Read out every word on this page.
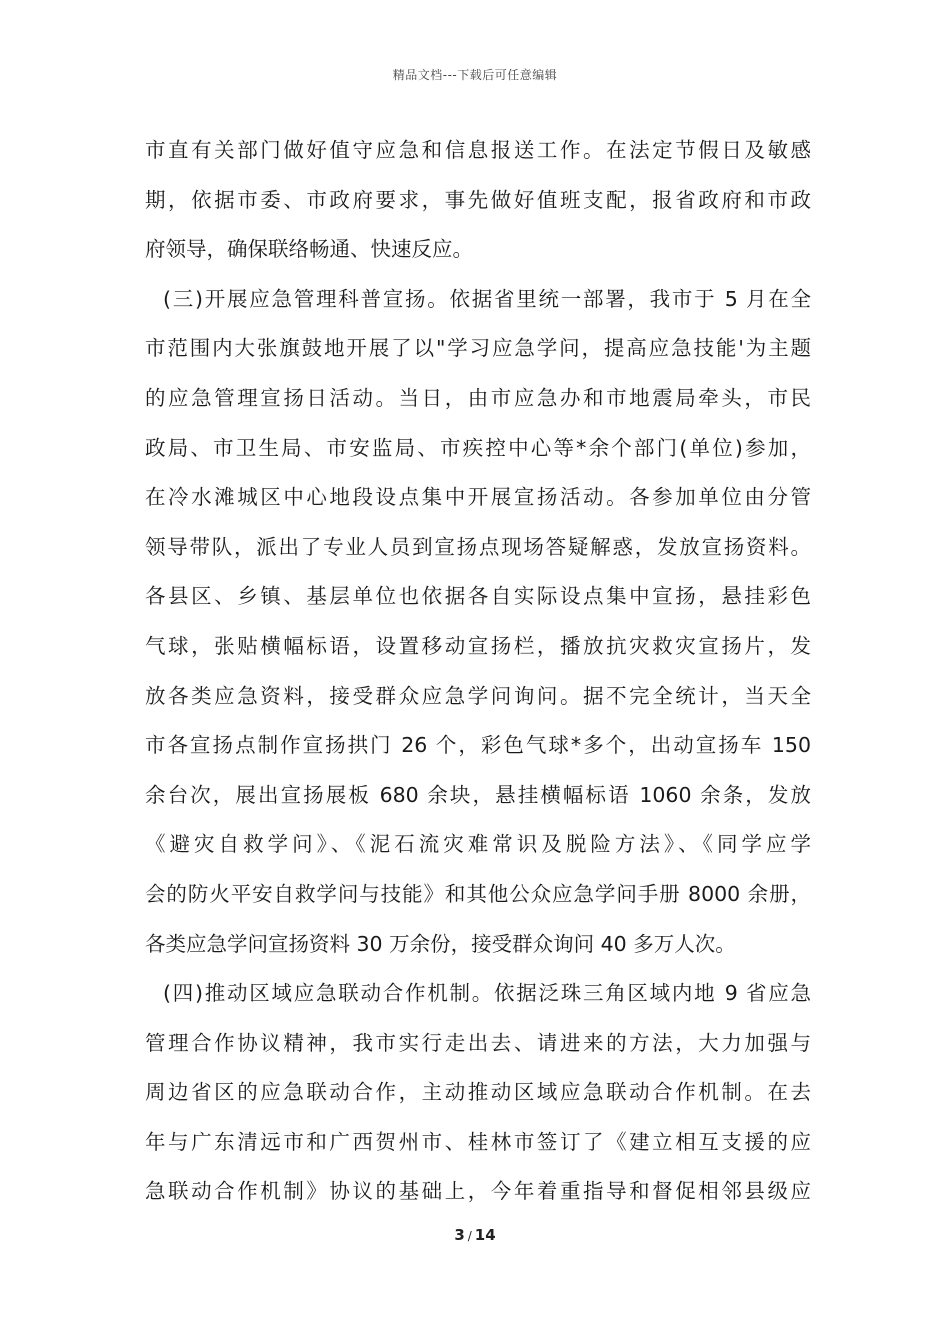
精品文档---下载后可任意编辑
市直有关部门做好值守应急和信息报送工作。在法定节假日及敏感
期，依据市委、市政府要求，事先做好值班支配，报省政府和市政
府领导，确保联络畅通、快速反应。
(三)开展应急管理科普宣扬。依据省里统一部署，我市于 5 月在全
市范围内大张旗鼓地开展了以"学习应急学问，提高应急技能'为主题
的应急管理宣扬日活动。当日，由市应急办和市地震局牵头，市民
政局、市卫生局、市安监局、市疾控中心等*余个部门(单位)参加，
在冷水滩城区中心地段设点集中开展宣扬活动。各参加单位由分管
领导带队，派出了专业人员到宣扬点现场答疑解惑，发放宣扬资料。
各县区、乡镇、基层单位也依据各自实际设点集中宣扬，悬挂彩色
气球，张贴横幅标语，设置移动宣扬栏，播放抗灾救灾宣扬片，发
放各类应急资料，接受群众应急学问询问。据不完全统计，当天全
市各宣扬点制作宣扬拱门 26 个，彩色气球*多个，出动宣扬车 150
余台次，展出宣扬展板 680 余块，悬挂横幅标语 1060 余条，发放
《避灾自救学问》、《泥石流灾难常识及脱险方法》、《同学应学
会的防火平安自救学问与技能》和其他公众应急学问手册 8000 余册，
各类应急学问宣扬资料 30 万余份，接受群众询问 40 多万人次。
(四)推动区域应急联动合作机制。依据泛珠三角区域内地 9 省应急
管理合作协议精神，我市实行走出去、请进来的方法，大力加强与
周边省区的应急联动合作，主动推动区域应急联动合作机制。在去
年与广东清远市和广西贺州市、桂林市签订了《建立相互支援的应
急联动合作机制》协议的基础上，今年着重指导和督促相邻县级应
3 / 14
